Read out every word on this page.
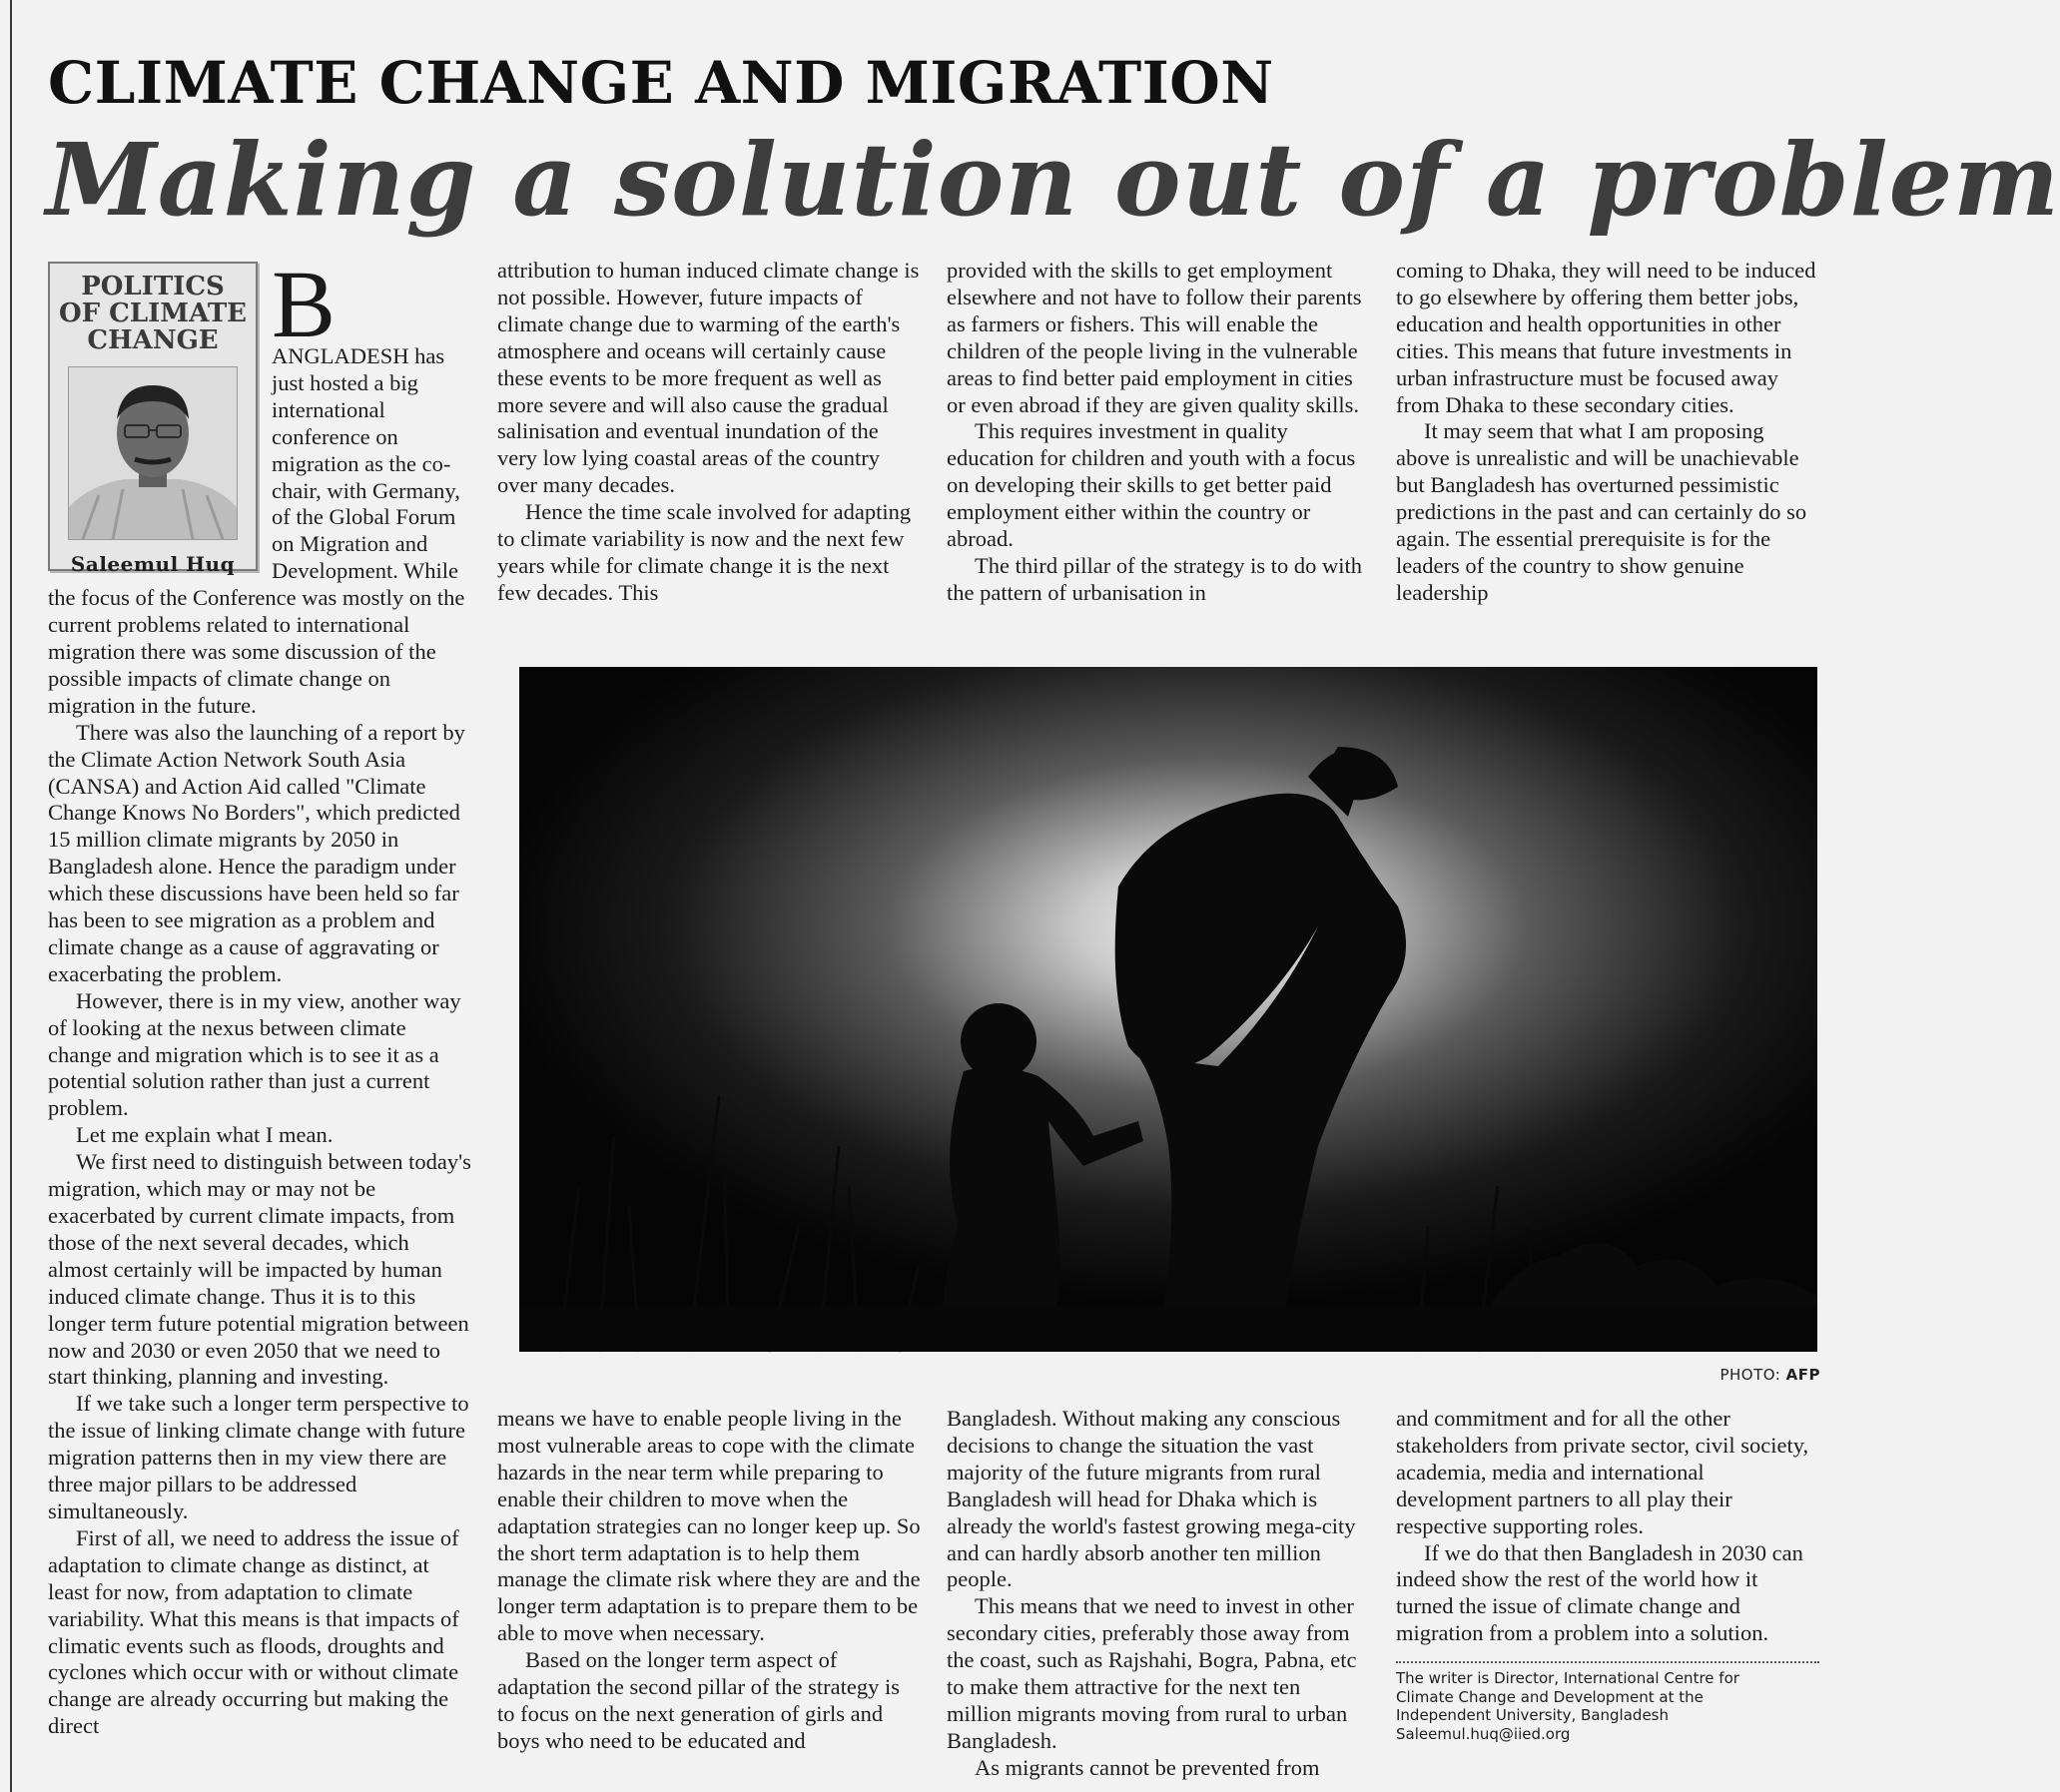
CLIMATE CHANGE AND MIGRATION
Making a solution out of a problem
POLITICS
OF CLIMATE
CHANGE
Saleemul Huq

B
ANGLADESH has just hosted a big international conference on migration as the co-chair, with Germany, of the Global Forum on Migration and Development. While the focus of the Conference was mostly on the current problems related to international migration there was some discussion of the possible impacts of climate change on migration in the future.

There was also the launching of a report by the Climate Action Network South Asia (CANSA) and Action Aid called "Climate Change Knows No Borders", which predicted 15 million climate migrants by 2050 in Bangladesh alone. Hence the paradigm under which these discussions have been held so far has been to see migration as a problem and climate change as a cause of aggravating or exacerbating the problem.

However, there is in my view, another way of looking at the nexus between climate change and migration which is to see it as a potential solution rather than just a current problem.

Let me explain what I mean.

We first need to distinguish between today's migration, which may or may not be exacerbated by current climate impacts, from those of the next several decades, which almost certainly will be impacted by human induced climate change. Thus it is to this longer term future potential migration between now and 2030 or even 2050 that we need to start thinking, planning and investing.

If we take such a longer term perspective to the issue of linking climate change with future migration patterns then in my view there are three major pillars to be addressed simultaneously.

First of all, we need to address the issue of adaptation to climate change as distinct, at least for now, from adaptation to climate variability. What this means is that impacts of climatic events such as floods, droughts and cyclones which occur with or without climate change are already occurring but making the direct

attribution to human induced climate change is not possible. However, future impacts of climate change due to warming of the earth's atmosphere and oceans will certainly cause these events to be more frequent as well as more severe and will also cause the gradual salinisation and eventual inundation of the very low lying coastal areas of the country over many decades.

Hence the time scale involved for adapting to climate variability is now and the next few years while for climate change it is the next few decades. This

provided with the skills to get employment elsewhere and not have to follow their parents as farmers or fishers. This will enable the children of the people living in the vulnerable areas to find better paid employment in cities or even abroad if they are given quality skills.

This requires investment in quality education for children and youth with a focus on developing their skills to get better paid employment either within the country or abroad.

The third pillar of the strategy is to do with the pattern of urbanisation in

coming to Dhaka, they will need to be induced to go elsewhere by offering them better jobs, education and health opportunities in other cities. This means that future investments in urban infrastructure must be focused away from Dhaka to these secondary cities.

It may seem that what I am proposing above is unrealistic and will be unachievable but Bangladesh has overturned pessimistic predictions in the past and can certainly do so again. The essential prerequisite is for the leaders of the country to show genuine leadership

PHOTO: AFP

means we have to enable people living in the most vulnerable areas to cope with the climate hazards in the near term while preparing to enable their children to move when the adaptation strategies can no longer keep up. So the short term adaptation is to help them manage the climate risk where they are and the longer term adaptation is to prepare them to be able to move when necessary.

Based on the longer term aspect of adaptation the second pillar of the strategy is to focus on the next generation of girls and boys who need to be educated and

Bangladesh. Without making any conscious decisions to change the situation the vast majority of the future migrants from rural Bangladesh will head for Dhaka which is already the world's fastest growing mega-city and can hardly absorb another ten million people.

This means that we need to invest in other secondary cities, preferably those away from the coast, such as Rajshahi, Bogra, Pabna, etc to make them attractive for the next ten million migrants moving from rural to urban Bangladesh.

As migrants cannot be prevented from

and commitment and for all the other stakeholders from private sector, civil society, academia, media and international development partners to all play their respective supporting roles.

If we do that then Bangladesh in 2030 can indeed show the rest of the world how it turned the issue of climate change and migration from a problem into a solution.

The writer is Director, International Centre for
Climate Change and Development at the
Independent University, Bangladesh
Saleemul.huq@iied.org
